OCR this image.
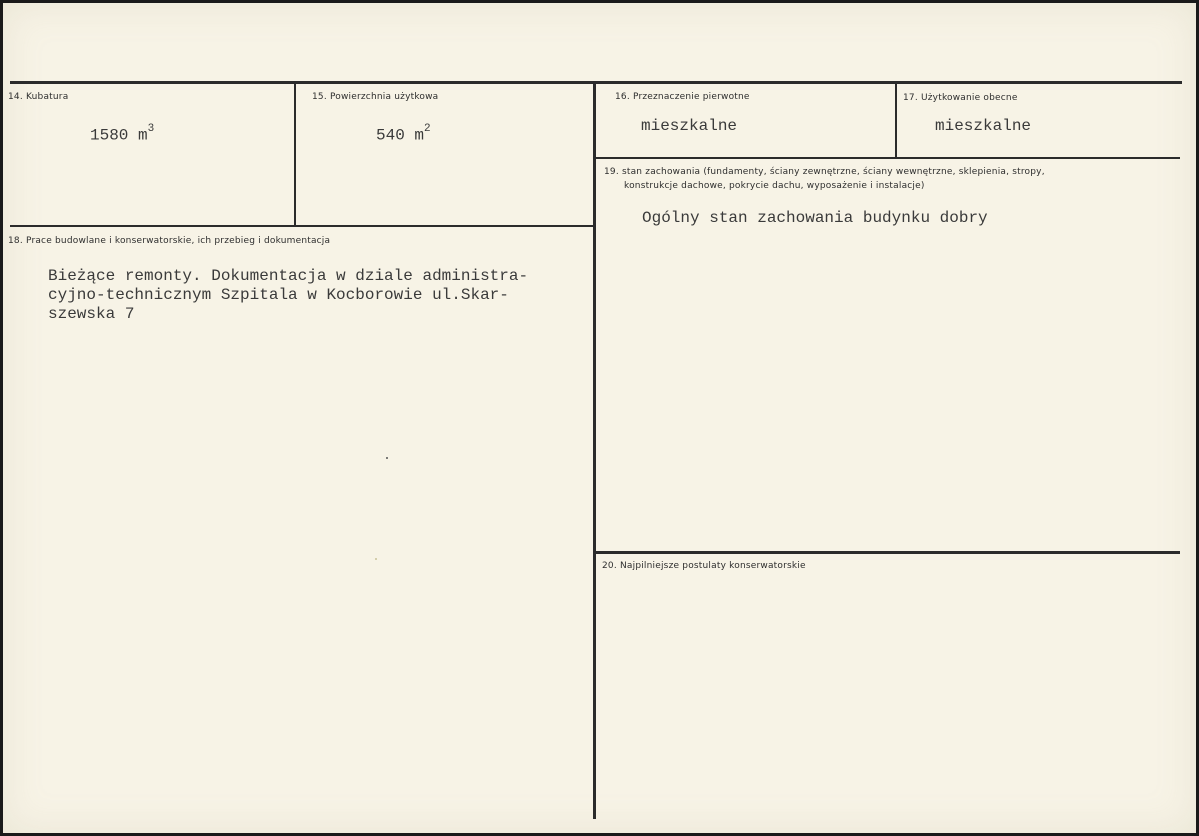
14. Kubatura
1580 $m^3$
15. Powierzchnia użytkowa
540 $m^2$
16. Przeznaczenie pierwotne
mieszkalne
17. Użytkowanie obecne
mieszkalne
19. stan zachowania (fundamenty, ściany zewnętrzne, ściany wewnętrzne, sklepienia, stropy,
konstrukcje dachowe, pokrycie dachu, wyposażenie i instalacje)
Ogólny stan zachowania budynku dobry
18. Prace budowlane i konserwatorskie, ich przebieg i dokumentacja
Bieżące remonty. Dokumentacja w dziale administra-
cyjno-technicznym Szpitala w Kocborowie ul.Skar-
szewska 7
20. Najpilniejsze postulaty konserwatorskie
